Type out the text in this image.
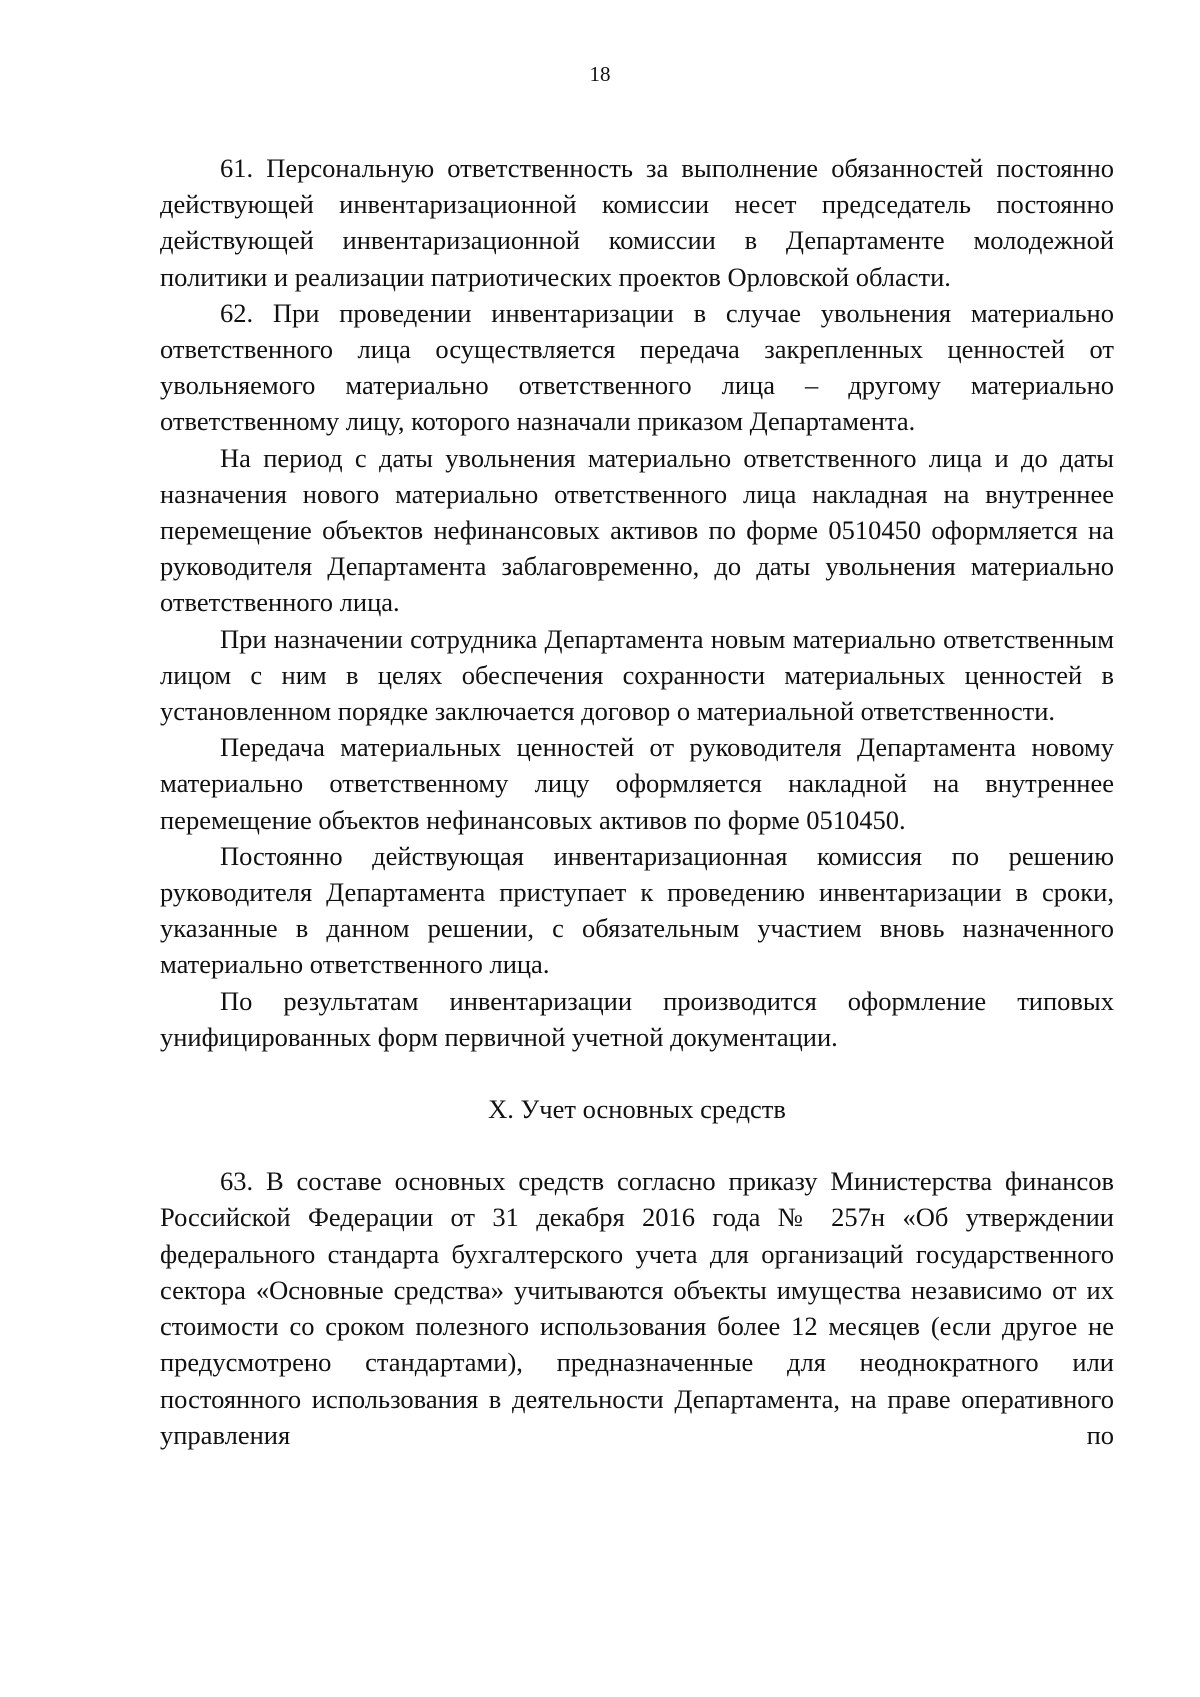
18

61. Персональную ответственность за выполнение обязанностей постоянно действующей инвентаризационной комиссии несет председатель постоянно действующей инвентаризационной комиссии в Департаменте молодежной политики и реализации патриотических проектов Орловской области.

62. При проведении инвентаризации в случае увольнения материально ответственного лица осуществляется передача закрепленных ценностей от увольняемого материально ответственного лица – другому материально ответственному лицу, которого назначали приказом Департамента.

На период с даты увольнения материально ответственного лица и до даты назначения нового материально ответственного лица накладная на внутреннее перемещение объектов нефинансовых активов по форме 0510450 оформляется на руководителя Департамента заблаговременно, до даты увольнения материально ответственного лица.

При назначении сотрудника Департамента новым материально ответственным лицом с ним в целях обеспечения сохранности материальных ценностей в установленном порядке заключается договор о материальной ответственности.

Передача материальных ценностей от руководителя Департамента новому материально ответственному лицу оформляется накладной на внутреннее перемещение объектов нефинансовых активов по форме 0510450.

Постоянно действующая инвентаризационная комиссия по решению руководителя Департамента приступает к проведению инвентаризации в сроки, указанные в данном решении, с обязательным участием вновь назначенного материально ответственного лица.

По результатам инвентаризации производится оформление типовых унифицированных форм первичной учетной документации.

X. Учет основных средств

63. В составе основных средств согласно приказу Министерства финансов Российской Федерации от 31 декабря 2016 года № 257н «Об утверждении федерального стандарта бухгалтерского учета для организаций государственного сектора «Основные средства» учитываются объекты имущества независимо от их стоимости со сроком полезного использования более 12 месяцев (если другое не предусмотрено стандартами), предназначенные для неоднократного или постоянного использования в деятельности Департамента, на праве оперативного управления по
